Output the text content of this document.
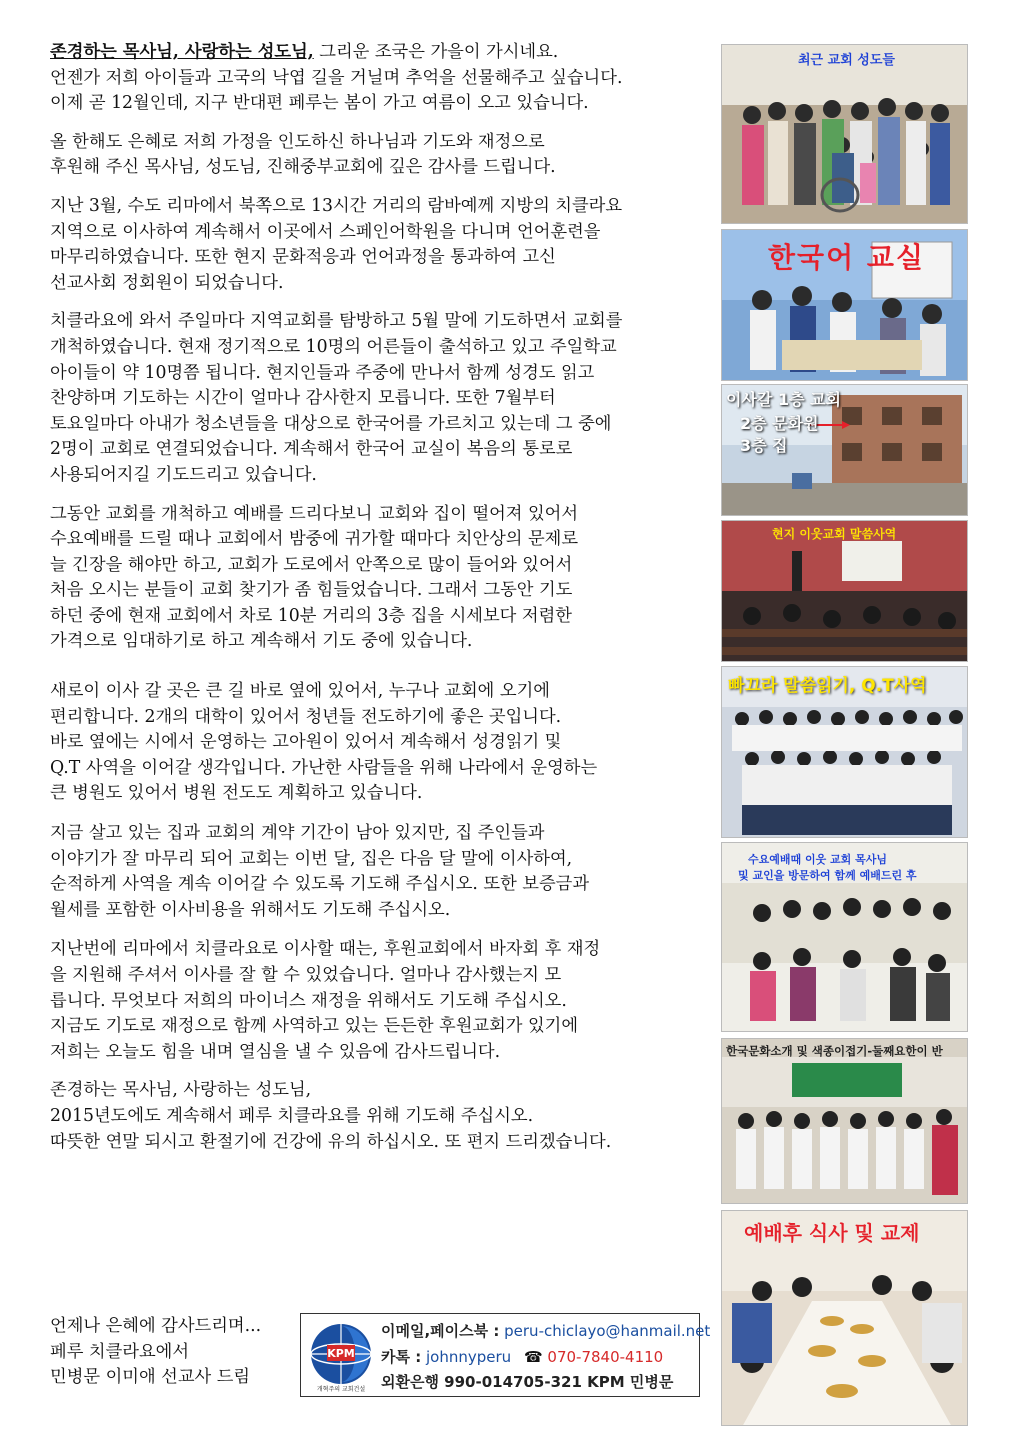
존경하는 목사님, 사랑하는 성도님, 그리운 조국은 가을이 가시네요.
언젠가 저희 아이들과 고국의 낙엽 길을 거닐며 추억을 선물해주고 싶습니다.
이제 곧 12월인데, 지구 반대편 페루는 봄이 가고 여름이 오고 있습니다.

올 한해도 은혜로 저희 가정을 인도하신 하나님과 기도와 재정으로
후원해 주신 목사님, 성도님, 진해중부교회에 깊은 감사를 드립니다.

지난 3월, 수도 리마에서 북쪽으로 13시간 거리의 람바예께 지방의 치클라요
지역으로 이사하여 계속해서 이곳에서 스페인어학원을 다니며 언어훈련을
마무리하였습니다. 또한 현지 문화적응과 언어과정을 통과하여 고신
선교사회 정회원이 되었습니다.

치클라요에 와서 주일마다 지역교회를 탐방하고 5월 말에 기도하면서 교회를
개척하였습니다. 현재 정기적으로 10명의 어른들이 출석하고 있고 주일학교
아이들이 약 10명쯤 됩니다. 현지인들과 주중에 만나서 함께 성경도 읽고
찬양하며 기도하는 시간이 얼마나 감사한지 모릅니다. 또한 7월부터
토요일마다 아내가 청소년들을 대상으로 한국어를 가르치고 있는데 그 중에
2명이 교회로 연결되었습니다. 계속해서 한국어 교실이 복음의 통로로
사용되어지길 기도드리고 있습니다.

그동안 교회를 개척하고 예배를 드리다보니 교회와 집이 떨어져 있어서
수요예배를 드릴 때나 교회에서 밤중에 귀가할 때마다 치안상의 문제로
늘 긴장을 해야만 하고, 교회가 도로에서 안쪽으로 많이 들어와 있어서
처음 오시는 분들이 교회 찾기가 좀 힘들었습니다. 그래서 그동안 기도
하던 중에 현재 교회에서 차로 10분 거리의 3층 집을 시세보다 저렴한
가격으로 임대하기로 하고 계속해서 기도 중에 있습니다.

새로이 이사 갈 곳은 큰 길 바로 옆에 있어서, 누구나 교회에 오기에
편리합니다. 2개의 대학이 있어서 청년들 전도하기에 좋은 곳입니다.
바로 옆에는 시에서 운영하는 고아원이 있어서 계속해서 성경읽기 및
Q.T 사역을 이어갈 생각입니다. 가난한 사람들을 위해 나라에서 운영하는
큰 병원도 있어서 병원 전도도 계획하고 있습니다.

지금 살고 있는 집과 교회의 계약 기간이 남아 있지만, 집 주인들과
이야기가 잘 마무리 되어 교회는 이번 달, 집은 다음 달 말에 이사하여,
순적하게 사역을 계속 이어갈 수 있도록 기도해 주십시오. 또한 보증금과
월세를 포함한 이사비용을 위해서도 기도해 주십시오.

지난번에 리마에서 치클라요로 이사할 때는, 후원교회에서 바자회 후 재정
을 지원해 주셔서 이사를 잘 할 수 있었습니다. 얼마나 감사했는지 모
릅니다. 무엇보다 저희의 마이너스 재정을 위해서도 기도해 주십시오.
지금도 기도로 재정으로 함께 사역하고 있는 든든한 후원교회가 있기에
저희는 오늘도 힘을 내며 열심을 낼 수 있음에 감사드립니다.

존경하는 목사님, 사랑하는 성도님,
2015년도에도 계속해서 페루 치클라요를 위해 기도해 주십시오.
따뜻한 연말 되시고 환절기에 건강에 유의 하십시오. 또 편지 드리겠습니다.

언제나 은혜에 감사드리며...
페루 치클라요에서
민병문 이미애 선교사 드림
KPM
개혁주의 교회건설
이메일,페이스북 : peru-chiclayo@hanmail.net
카톡 : johnnyperu ☎ 070-7840-4110
외환은행 990-014705-321 KPM 민병문
최근 교회 성도들
한국어 교실
이사갈 1층 교회
2층 문화원
3층 집
현지 이웃교회 말씀사역
빠끄라 말씀읽기, Q.T사역
수요예배때 이웃 교회 목사님
및 교인을 방문하여 함께 예배드린 후
한국문화소개 및 색종이접기-둘째요한이 반
예배후 식사 및 교제
